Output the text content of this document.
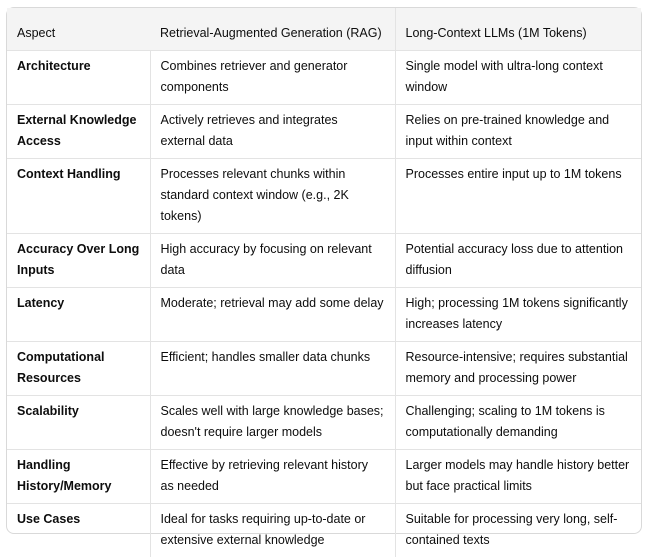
Aspect	Retrieval-Augmented Generation (RAG)	Long-Context LLMs (1M Tokens)
Architecture	Combines retriever and generator components	Single model with ultra-long context window
External Knowledge Access	Actively retrieves and integrates external data	Relies on pre-trained knowledge and input within context
Context Handling	Processes relevant chunks within standard context window (e.g., 2K tokens)	Processes entire input up to 1M tokens
Accuracy Over Long Inputs	High accuracy by focusing on relevant data	Potential accuracy loss due to attention diffusion
Latency	Moderate; retrieval may add some delay	High; processing 1M tokens significantly increases latency
Computational Resources	Efficient; handles smaller data chunks	Resource-intensive; requires substantial memory and processing power
Scalability	Scales well with large knowledge bases; doesn't require larger models	Challenging; scaling to 1M tokens is computationally demanding
Handling History/Memory	Effective by retrieving relevant history as needed	Larger models may handle history better but face practical limits
Use Cases	Ideal for tasks requiring up-to-date or extensive external knowledge	Suitable for processing very long, self-contained texts
